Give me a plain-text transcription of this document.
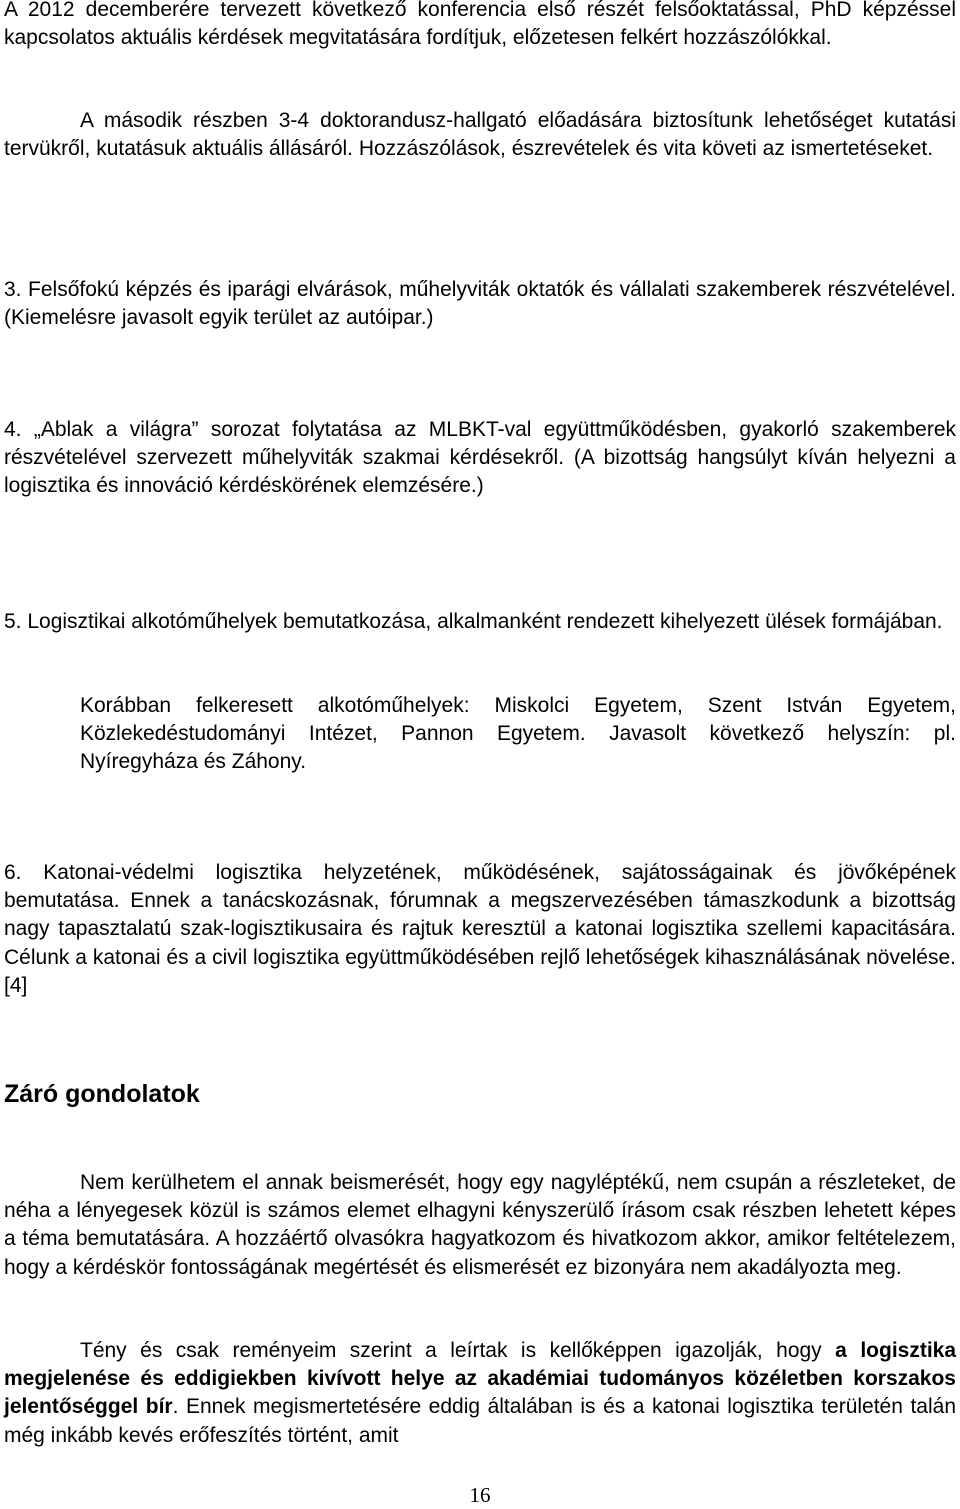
A 2012 decemberére tervezett következő konferencia első részét felsőoktatással, PhD képzéssel kapcsolatos aktuális kérdések megvitatására fordítjuk, előzetesen felkért hozzászólókkal.

A második részben 3-4 doktorandusz-hallgató előadására biztosítunk lehetőséget kutatási tervükről, kutatásuk aktuális állásáról. Hozzászólások, észrevételek és vita követi az ismertetéseket.

3. Felsőfokú képzés és iparági elvárások, műhelyviták oktatók és vállalati szakemberek részvételével. (Kiemelésre javasolt egyik terület az autóipar.)

4. „Ablak a világra” sorozat folytatása az MLBKT-val együttműködésben, gyakorló szakemberek részvételével szervezett műhelyviták szakmai kérdésekről. (A bizottság hangsúlyt kíván helyezni a logisztika és innováció kérdéskörének elemzésére.)

5. Logisztikai alkotóműhelyek bemutatkozása, alkalmanként rendezett kihelyezett ülések formájában.

Korábban felkeresett alkotóműhelyek: Miskolci Egyetem, Szent István Egyetem, Közlekedéstudományi Intézet, Pannon Egyetem. Javasolt következő helyszín: pl. Nyíregyháza és Záhony.

6. Katonai-védelmi logisztika helyzetének, működésének, sajátosságainak és jövőképének bemutatása. Ennek a tanácskozásnak, fórumnak a megszervezésében támaszkodunk a bizottság nagy tapasztalatú szak-logisztikusaira és rajtuk keresztül a katonai logisztika szellemi kapacitására. Célunk a katonai és a civil logisztika együttműködésében rejlő lehetőségek kihasználásának növelése. [4]

Záró gondolatok

Nem kerülhetem el annak beismerését, hogy egy nagyléptékű, nem csupán a részleteket, de néha a lényegesek közül is számos elemet elhagyni kényszerülő írásom csak részben lehetett képes a téma bemutatására. A hozzáértő olvasókra hagyatkozom és hivatkozom akkor, amikor feltételezem, hogy a kérdéskör fontosságának megértését és elismerését ez bizonyára nem akadályozta meg.

Tény és csak reményeim szerint a leírtak is kellőképpen igazolják, hogy a logisztika megjelenése és eddigiekben kivívott helye az akadémiai tudományos közéletben korszakos jelentőséggel bír. Ennek megismertetésére eddig általában is és a katonai logisztika területén talán még inkább kevés erőfeszítés történt, amit

16
